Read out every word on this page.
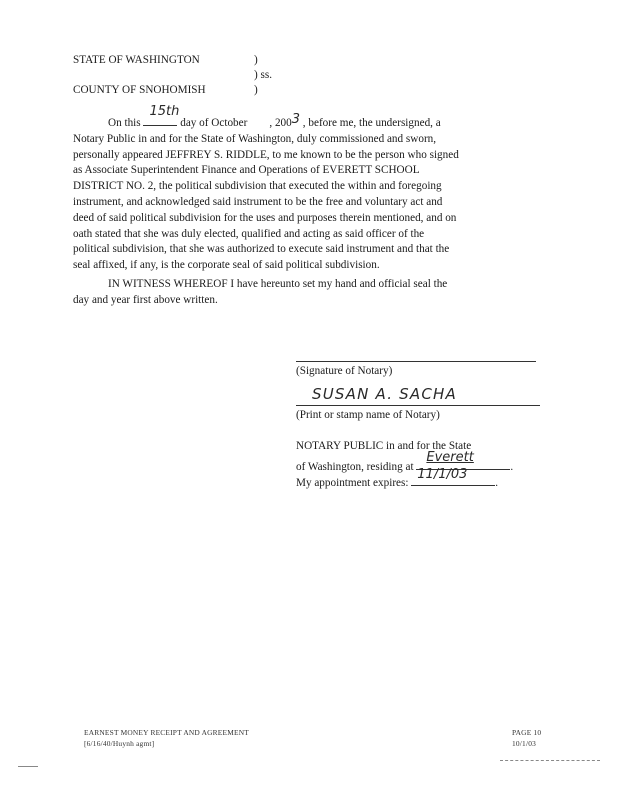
STATE OF WASHINGTON	)
) ss.
COUNTY OF SNOHOMISH	)
On this
15th
day of October , 2003 , before me, the undersigned, a
Notary Public in and for the State of Washington, duly commissioned and sworn,
personally appeared JEFFREY S. RIDDLE, to me known to be the person who signed
as Associate Superintendent Finance and Operations of EVERETT SCHOOL
DISTRICT NO. 2, the political subdivision that executed the within and foregoing
instrument, and acknowledged said instrument to be the free and voluntary act and
deed of said political subdivision for the uses and purposes therein mentioned, and on
oath stated that she was duly elected, qualified and acting as said officer of the
political subdivision, that she was authorized to execute said instrument and that the
seal affixed, if any, is the corporate seal of said political subdivision.
IN WITNESS WHEREOF I have hereunto set my hand and official seal the
day and year first above written.
(Signature of Notary)
SUSAN A. SACHA
(Print or stamp name of Notary)
NOTARY PUBLIC in and for the State
of Washington, residing at
Everett
.
My appointment expires:
11/1/03
.
EARNEST MONEY RECEIPT AND AGREEMENT
[6/16/40/Huynh agmt]
PAGE 10
10/1/03
